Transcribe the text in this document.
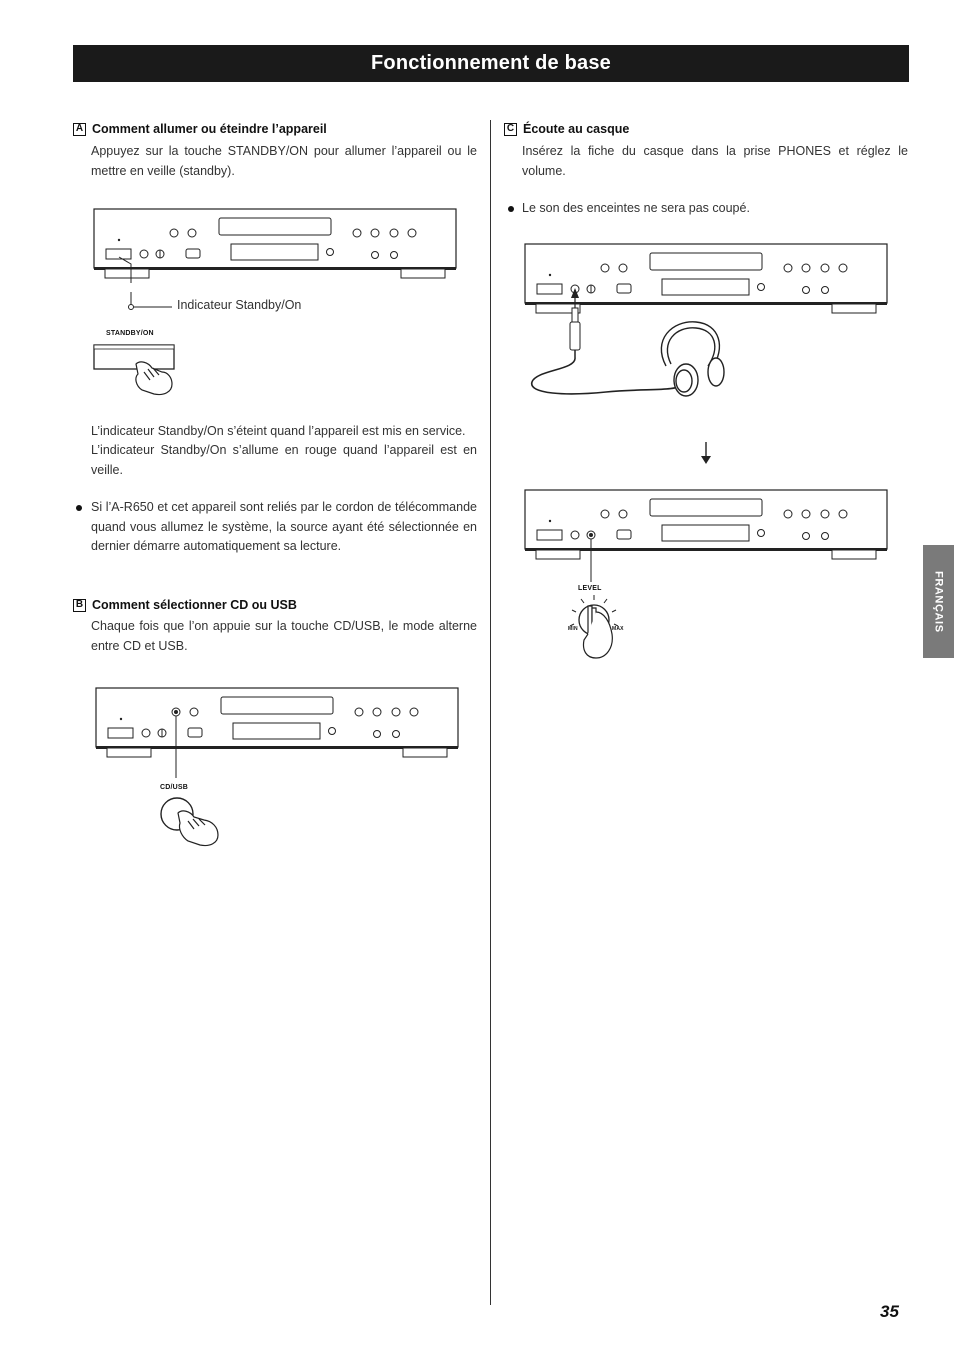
Fonctionnement de base
A Comment allumer ou éteindre l’appareil
Appuyez sur la touche STANDBY/ON pour allumer l’appareil ou le mettre en veille (standby).
Indicateur Standby/On
STANDBY/ON
L’indicateur Standby/On s’éteint quand l’appareil est mis en service.
L’indicateur Standby/On s’allume en rouge quand l’appareil est en veille.
Si l’A-R650 et cet appareil sont reliés par le cordon de télécommande quand vous allumez le système, la source ayant été sélectionnée en dernier démarre automatiquement sa lecture.
B Comment sélectionner CD ou USB
Chaque fois que l’on appuie sur la touche CD/USB, le mode alterne entre CD et USB.
CD/USB
C Écoute au casque
Insérez la fiche du casque dans la prise PHONES et réglez le volume.
Le son des enceintes ne sera pas coupé.
LEVEL
MIN	MAX	FRANÇAIS
35
